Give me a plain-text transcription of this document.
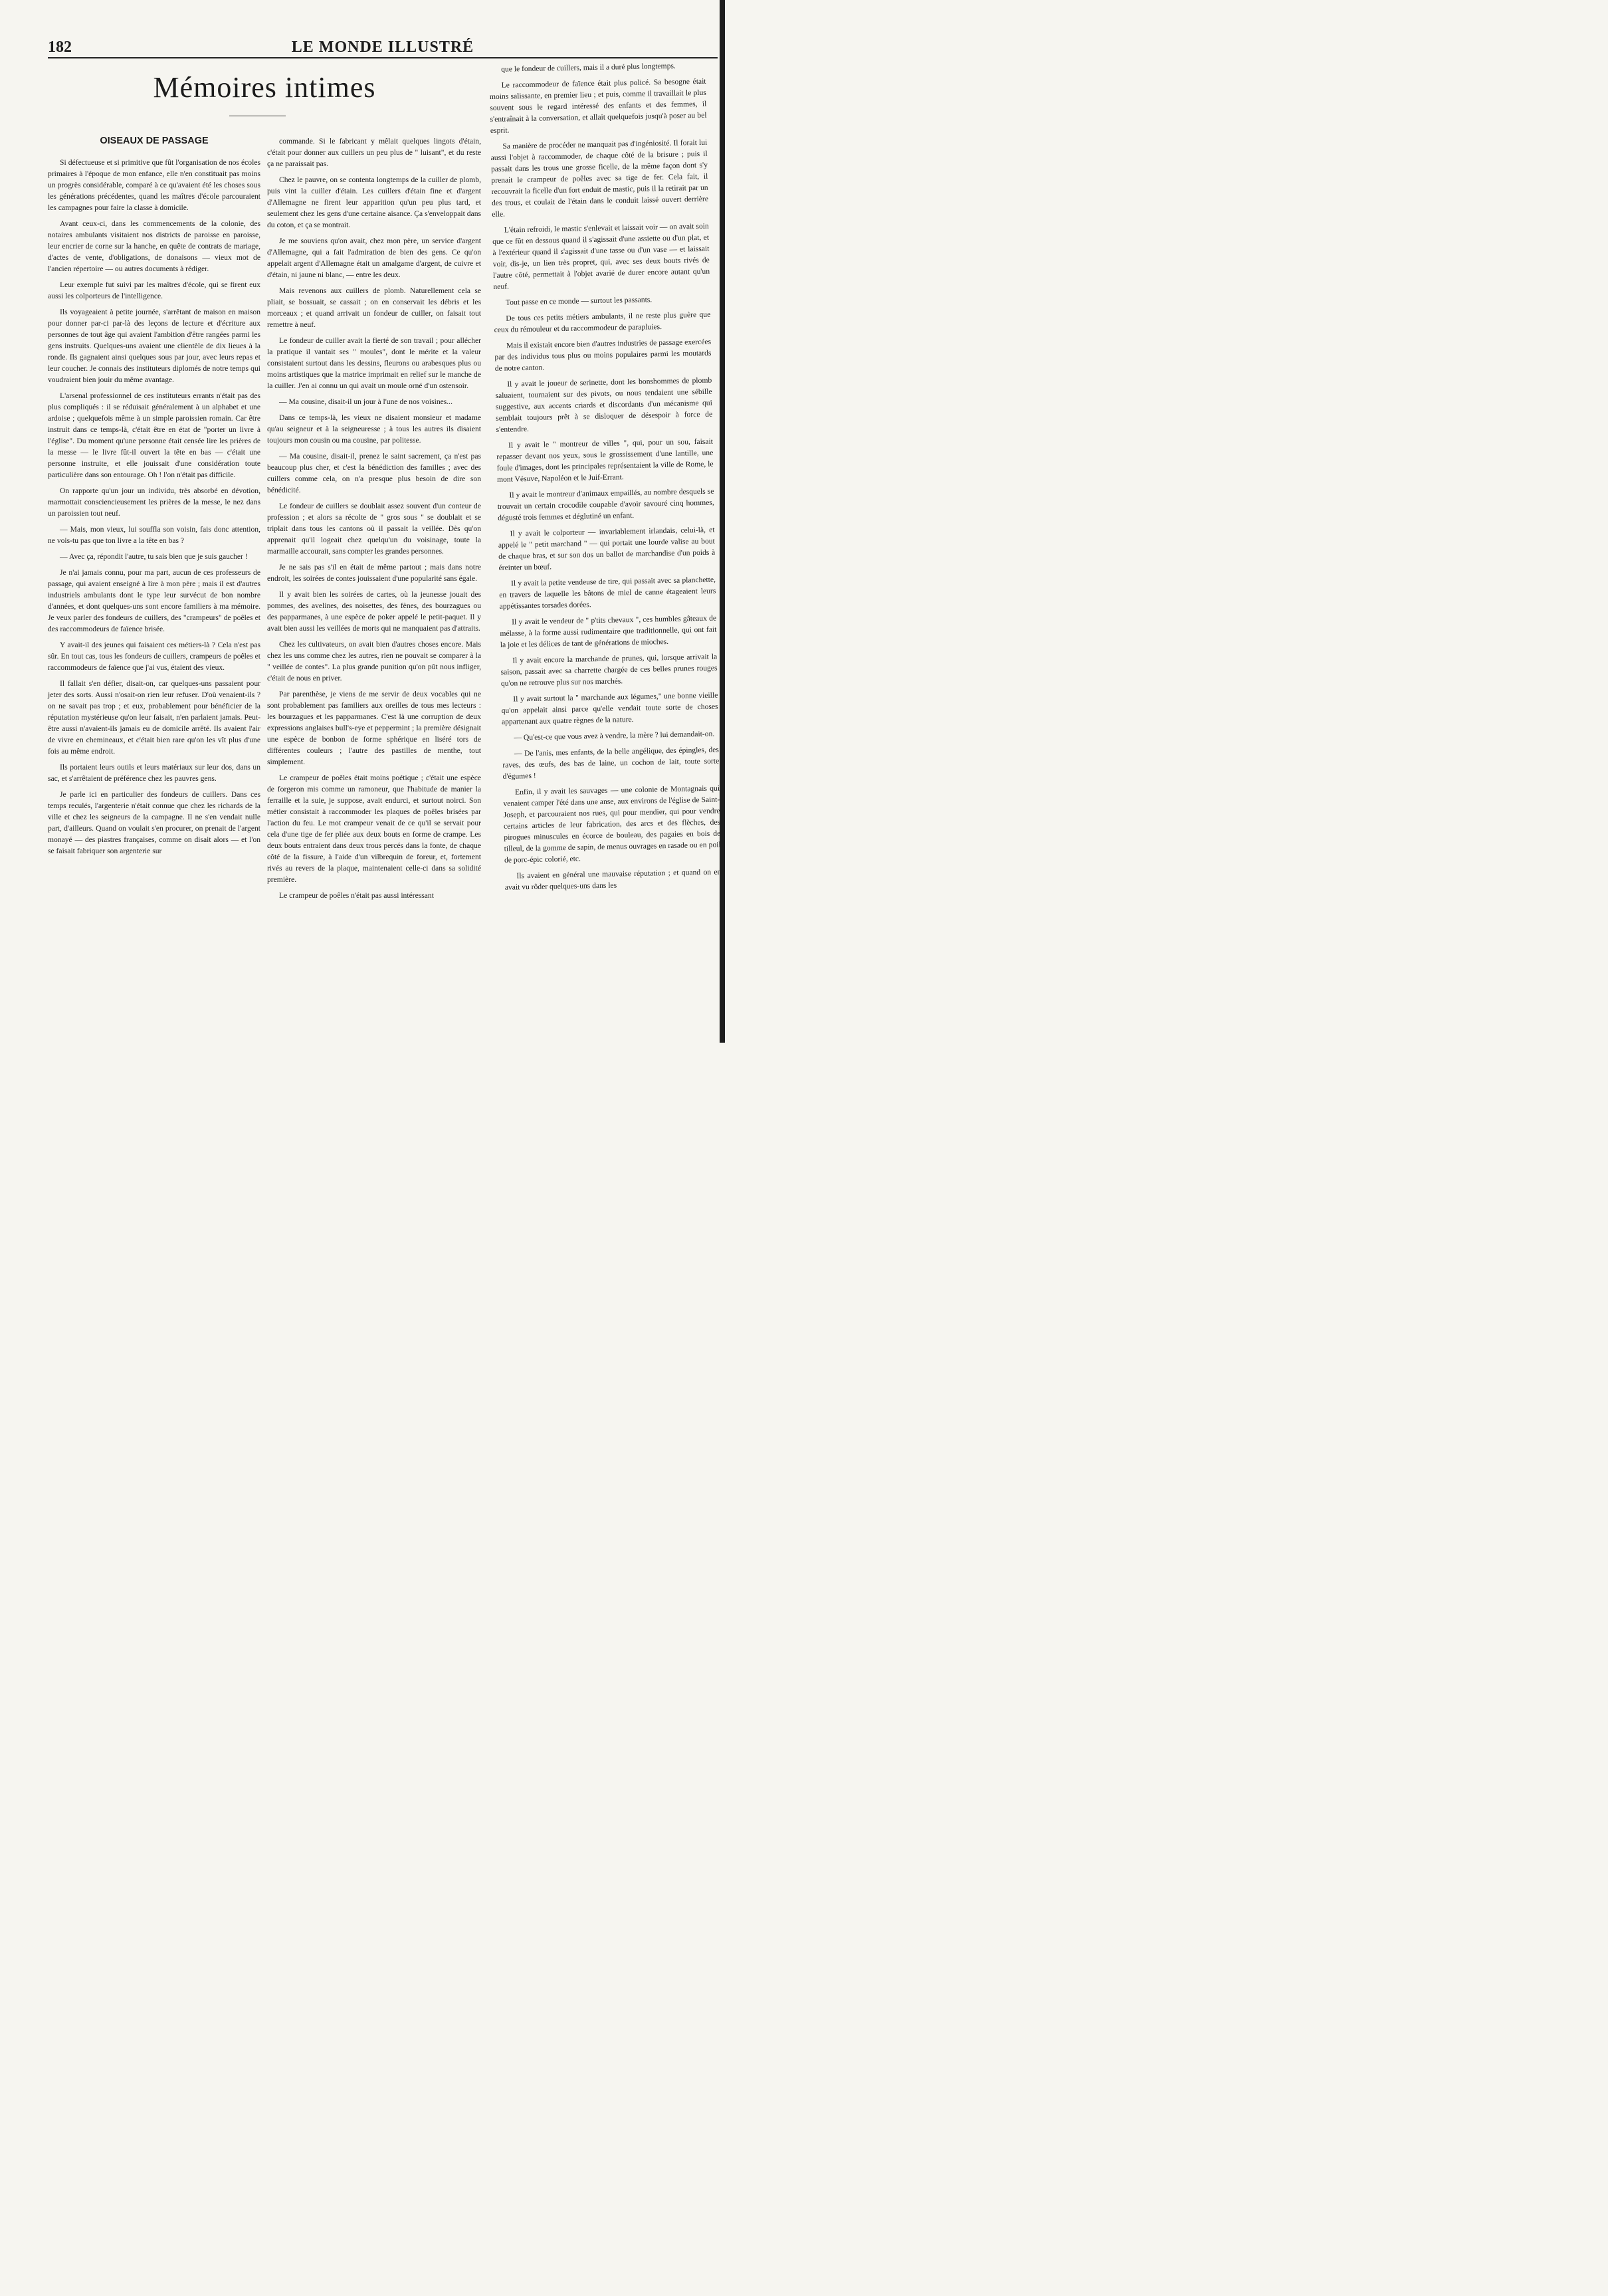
182	LE MONDE ILLUSTRÉ
Mémoires intimes
OISEAUX DE PASSAGE

Si défectueuse et si primitive que fût l'organisation de nos écoles primaires à l'époque de mon enfance, elle n'en constituait pas moins un progrès considérable, comparé à ce qu'avaient été les choses sous les générations précédentes, quand les maîtres d'école parcouraient les campagnes pour faire la classe à domicile.

Avant ceux-ci, dans les commencements de la colonie, des notaires ambulants visitaient nos districts de paroisse en paroisse, leur encrier de corne sur la hanche, en quête de contrats de mariage, d'actes de vente, d'obligations, de donaisons — vieux mot de l'ancien répertoire — ou autres documents à rédiger.

Leur exemple fut suivi par les maîtres d'école, qui se firent eux aussi les colporteurs de l'intelligence.

Ils voyageaient à petite journée, s'arrêtant de maison en maison pour donner par-ci par-là des leçons de lecture et d'écriture aux personnes de tout âge qui avaient l'ambition d'être rangées parmi les gens instruits. Quelques-uns avaient une clientèle de dix lieues à la ronde. Ils gagnaient ainsi quelques sous par jour, avec leurs repas et leur coucher. Je connais des instituteurs diplomés de notre temps qui voudraient bien jouir du même avantage.

L'arsenal professionnel de ces instituteurs errants n'était pas des plus compliqués : il se réduisait généralement à un alphabet et une ardoise ; quelquefois même à un simple paroissien romain. Car être instruit dans ce temps-là, c'était être en état de "porter un livre à l'église". Du moment qu'une personne était censée lire les prières de la messe — le livre fût-il ouvert la tête en bas — c'était une personne instruite, et elle jouissait d'une considération toute particulière dans son entourage. Oh ! l'on n'était pas difficile.

On rapporte qu'un jour un individu, très absorbé en dévotion, marmottait consciencieusement les prières de la messe, le nez dans un paroissien tout neuf.

— Mais, mon vieux, lui souffla son voisin, fais donc attention, ne vois-tu pas que ton livre a la tête en bas ?

— Avec ça, répondit l'autre, tu sais bien que je suis gaucher !

Je n'ai jamais connu, pour ma part, aucun de ces professeurs de passage, qui avaient enseigné à lire à mon père ; mais il est d'autres industriels ambulants dont le type leur survécut de bon nombre d'années, et dont quelques-uns sont encore familiers à ma mémoire. Je veux parler des fondeurs de cuillers, des "crampeurs" de poêles et des raccommodeurs de faïence brisée.

Y avait-il des jeunes qui faisaient ces métiers-là ? Cela n'est pas sûr. En tout cas, tous les fondeurs de cuillers, crampeurs de poêles et raccommodeurs de faïence que j'ai vus, étaient des vieux.

Il fallait s'en défier, disait-on, car quelques-uns passaient pour jeter des sorts. Aussi n'osait-on rien leur refuser. D'où venaient-ils ? on ne savait pas trop ; et eux, probablement pour bénéficier de la réputation mystérieuse qu'on leur faisait, n'en parlaient jamais. Peut-être aussi n'avaient-ils jamais eu de domicile arrêté. Ils avaient l'air de vivre en chemineaux, et c'était bien rare qu'on les vît plus d'une fois au même endroit.

Ils portaient leurs outils et leurs matériaux sur leur dos, dans un sac, et s'arrêtaient de préférence chez les pauvres gens.

Je parle ici en particulier des fondeurs de cuillers. Dans ces temps reculés, l'argenterie n'était connue que chez les richards de la ville et chez les seigneurs de la campagne. Il ne s'en vendait nulle part, d'ailleurs. Quand on voulait s'en procurer, on prenait de l'argent monayé — des piastres françaises, comme on disait alors — et l'on se faisait fabriquer son argenterie sur

commande. Si le fabricant y mêlait quelques lingots d'étain, c'était pour donner aux cuillers un peu plus de " luisant", et du reste ça ne paraissait pas.

Chez le pauvre, on se contenta longtemps de la cuiller de plomb, puis vint la cuiller d'étain. Les cuillers d'étain fine et d'argent d'Allemagne ne firent leur apparition qu'un peu plus tard, et seulement chez les gens d'une certaine aisance. Ça s'enveloppait dans du coton, et ça se montrait.

Je me souviens qu'on avait, chez mon père, un service d'argent d'Allemagne, qui a fait l'admiration de bien des gens. Ce qu'on appelait argent d'Allemagne était un amalgame d'argent, de cuivre et d'étain, ni jaune ni blanc, — entre les deux.

Mais revenons aux cuillers de plomb. Naturellement cela se pliait, se bossuait, se cassait ; on en conservait les débris et les morceaux ; et quand arrivait un fondeur de cuiller, on faisait tout remettre à neuf.

Le fondeur de cuiller avait la fierté de son travail ; pour allécher la pratique il vantait ses " moules", dont le mérite et la valeur consistaient surtout dans les dessins, fleurons ou arabesques plus ou moins artistiques que la matrice imprimait en relief sur le manche de la cuiller. J'en ai connu un qui avait un moule orné d'un ostensoir.

— Ma cousine, disait-il un jour à l'une de nos voisines...

Dans ce temps-là, les vieux ne disaient monsieur et madame qu'au seigneur et à la seigneuresse ; à tous les autres ils disaient toujours mon cousin ou ma cousine, par politesse.

— Ma cousine, disait-il, prenez le saint sacrement, ça n'est pas beaucoup plus cher, et c'est la bénédiction des familles ; avec des cuillers comme cela, on n'a presque plus besoin de dire son bénédicité.

Le fondeur de cuillers se doublait assez souvent d'un conteur de profession ; et alors sa récolte de " gros sous " se doublait et se triplait dans tous les cantons où il passait la veillée. Dès qu'on apprenait qu'il logeait chez quelqu'un du voisinage, toute la marmaille accourait, sans compter les grandes personnes.

Je ne sais pas s'il en était de même partout ; mais dans notre endroit, les soirées de contes jouissaient d'une popularité sans égale.

Il y avait bien les soirées de cartes, où la jeunesse jouait des pommes, des avelines, des noisettes, des fènes, des bourzagues ou des papparmanes, à une espèce de poker appelé le petit-paquet. Il y avait bien aussi les veillées de morts qui ne manquaient pas d'attraits.

Chez les cultivateurs, on avait bien d'autres choses encore. Mais chez les uns comme chez les autres, rien ne pouvait se comparer à la " veillée de contes". La plus grande punition qu'on pût nous infliger, c'était de nous en priver.

Par parenthèse, je viens de me servir de deux vocables qui ne sont probablement pas familiers aux oreilles de tous mes lecteurs : les bourzagues et les papparmanes. C'est là une corruption de deux expressions anglaises bull's-eye et peppermint ; la première désignait une espèce de bonbon de forme sphérique en liséré tors de différentes couleurs ; l'autre des pastilles de menthe, tout simplement.

Le crampeur de poêles était moins poétique ; c'était une espèce de forgeron mis comme un ramoneur, que l'habitude de manier la ferraille et la suie, je suppose, avait endurci, et surtout noirci. Son métier consistait à raccommoder les plaques de poêles brisées par l'action du feu. Le mot crampeur venait de ce qu'il se servait pour cela d'une tige de fer pliée aux deux bouts en forme de crampe. Les deux bouts entraient dans deux trous percés dans la fonte, de chaque côté de la fissure, à l'aide d'un vilbrequin de foreur, et, fortement rivés au revers de la plaque, maintenaient celle-ci dans sa solidité première.

Le crampeur de poêles n'était pas aussi intéressant

que le fondeur de cuillers, mais il a duré plus longtemps.

Le raccommodeur de faïence était plus policé. Sa besogne était moins salissante, en premier lieu ; et puis, comme il travaillait le plus souvent sous le regard intéressé des enfants et des femmes, il s'entraînait à la conversation, et allait quelquefois jusqu'à poser au bel esprit.

Sa manière de procéder ne manquait pas d'ingéniosité. Il forait lui aussi l'objet à raccommoder, de chaque côté de la brisure ; puis il passait dans les trous une grosse ficelle, de la même façon dont s'y prenait le crampeur de poêles avec sa tige de fer. Cela fait, il recouvrait la ficelle d'un fort enduit de mastic, puis il la retirait par un des trous, et coulait de l'étain dans le conduit laissé ouvert derrière elle.

L'étain refroidi, le mastic s'enlevait et laissait voir — on avait soin que ce fût en dessous quand il s'agissait d'une assiette ou d'un plat, et à l'extérieur quand il s'agissait d'une tasse ou d'un vase — et laissait voir, dis-je, un lien très propret, qui, avec ses deux bouts rivés de l'autre côté, permettait à l'objet avarié de durer encore autant qu'un neuf.

Tout passe en ce monde — surtout les passants.

De tous ces petits métiers ambulants, il ne reste plus guère que ceux du rémouleur et du raccommodeur de parapluies.

Mais il existait encore bien d'autres industries de passage exercées par des individus tous plus ou moins populaires parmi les moutards de notre canton.

Il y avait le joueur de serinette, dont les bonshommes de plomb saluaient, tournaient sur des pivots, ou nous tendaient une sébille suggestive, aux accents criards et discordants d'un mécanisme qui semblait toujours prêt à se disloquer de désespoir à force de s'entendre.

Il y avait le " montreur de villes ", qui, pour un sou, faisait repasser devant nos yeux, sous le grossissement d'une lantille, une foule d'images, dont les principales représentaient la ville de Rome, le mont Vésuve, Napoléon et le Juif-Errant.

Il y avait le montreur d'animaux empaillés, au nombre desquels se trouvait un certain crocodile coupable d'avoir savouré cinq hommes, dégusté trois femmes et déglutiné un enfant.

Il y avait le colporteur — invariablement irlandais, celui-là, et appelé le " petit marchand " — qui portait une lourde valise au bout de chaque bras, et sur son dos un ballot de marchandise d'un poids à éreinter un bœuf.

Il y avait la petite vendeuse de tire, qui passait avec sa planchette, en travers de laquelle les bâtons de miel de canne étageaient leurs appétissantes torsades dorées.

Il y avait le vendeur de " p'tits chevaux ", ces humbles gâteaux de mélasse, à la forme aussi rudimentaire que traditionnelle, qui ont fait la joie et les délices de tant de générations de mioches.

Il y avait encore la marchande de prunes, qui, lorsque arrivait la saison, passait avec sa charrette chargée de ces belles prunes rouges qu'on ne retrouve plus sur nos marchés.

Il y avait surtout la " marchande aux légumes," une bonne vieille qu'on appelait ainsi parce qu'elle vendait toute sorte de choses appartenant aux quatre règnes de la nature.

— Qu'est-ce que vous avez à vendre, la mère ? lui demandait-on.

— De l'anis, mes enfants, de la belle angélique, des épingles, des raves, des œufs, des bas de laine, un cochon de lait, toute sorte d'égumes !

Enfin, il y avait les sauvages — une colonie de Montagnais qui venaient camper l'été dans une anse, aux environs de l'église de Saint-Joseph, et parcouraient nos rues, qui pour mendier, qui pour vendre certains articles de leur fabrication, des arcs et des flèches, des pirogues minuscules en écorce de bouleau, des pagaies en bois de tilleul, de la gomme de sapin, de menus ouvrages en rasade ou en poil de porc-épic colorié, etc.

Ils avaient en général une mauvaise réputation ; et quand on en avait vu rôder quelques-uns dans les
